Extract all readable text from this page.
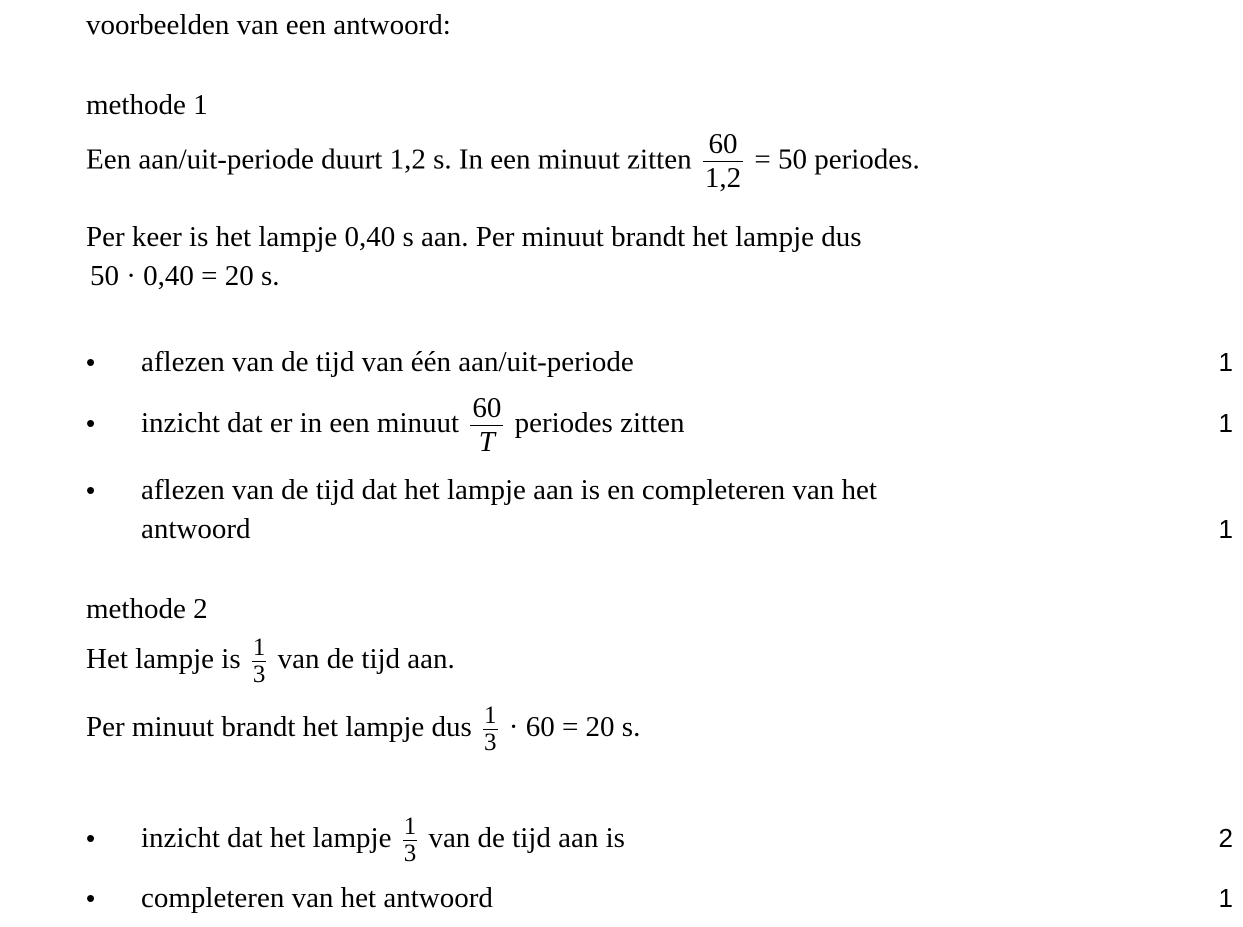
voorbeelden van een antwoord:
methode 1
Een aan/uit-periode duurt 1,2 s. In een minuut zitten $\frac{60}{1,2} = 50$ periodes.
Per keer is het lampje 0,40 s aan. Per minuut brandt het lampje dus
50 · 0,40 = 20 s.
• aflezen van de tijd van één aan/uit-periode	1
• inzicht dat er in een minuut $\frac{60}{T}$ periodes zitten	1
• aflezen van de tijd dat het lampje aan is en completeren van het
antwoord	1
methode 2
Het lampje is $\frac{1}{3}$ van de tijd aan.
Per minuut brandt het lampje dus $\frac{1}{3} \cdot 60 = 20$ s.
• inzicht dat het lampje $\frac{1}{3}$ van de tijd aan is	2
• completeren van het antwoord	1
